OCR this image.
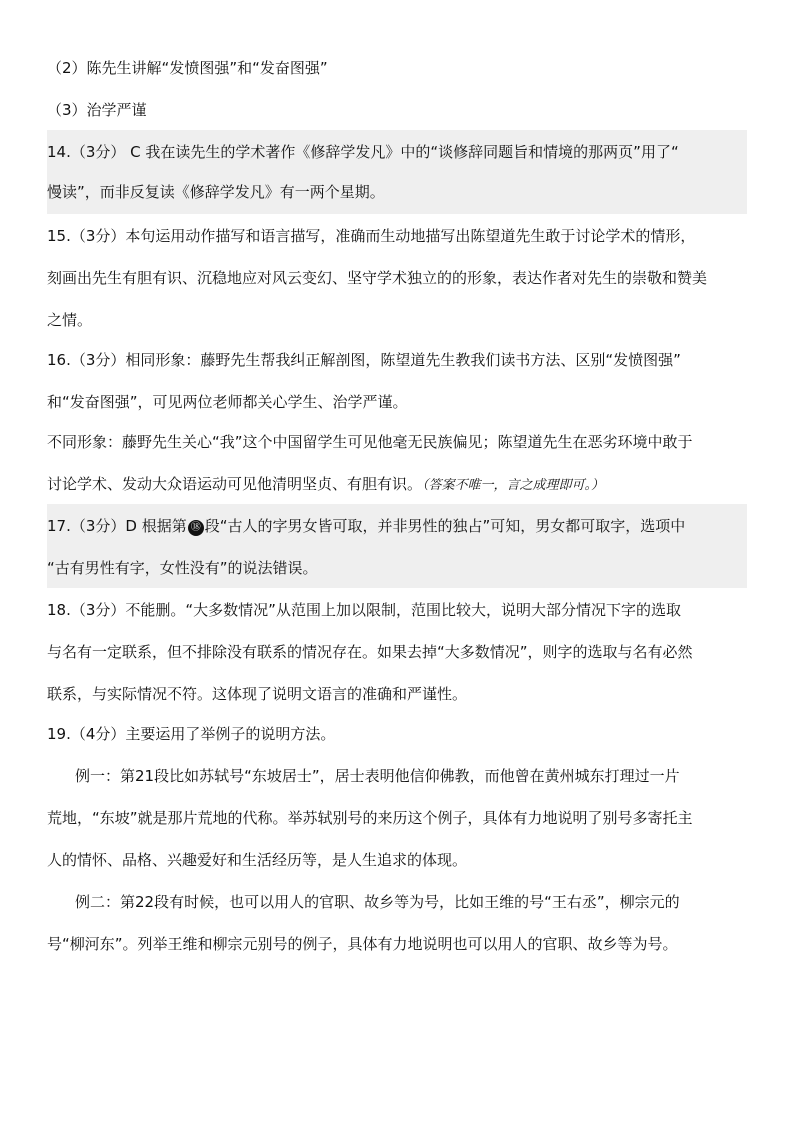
（2）陈先生讲解“发愤图强”和“发奋图强”
（3）治学严谨
14.（3分） C 我在读先生的学术著作《修辞学发凡》中的“谈修辞同题旨和情境的那两页”用了“
慢读”，而非反复读《修辞学发凡》有一两个星期。
15.（3分）本句运用动作描写和语言描写，准确而生动地描写出陈望道先生敢于讨论学术的情形，
刻画出先生有胆有识、沉稳地应对风云变幻、坚守学术独立的的形象，表达作者对先生的崇敬和赞美
之情。
16.（3分）相同形象：藤野先生帮我纠正解剖图，陈望道先生教我们读书方法、区别“发愤图强”
和“发奋图强”，可见两位老师都关心学生、治学严谨。
不同形象：藤野先生关心“我”这个中国留学生可见他毫无民族偏见；陈望道先生在恶劣环境中敢于
讨论学术、发动大众语运动可见他清明坚贞、有胆有识。（答案不唯一，言之成理即可。）
17.（3分）D 根据第 ⑱ 段“古人的字男女皆可取，并非男性的独占”可知，男女都可取字，选项中
“古有男性有字，女性没有”的说法错误。
18.（3分）不能删。“大多数情况”从范围上加以限制，范围比较大，说明大部分情况下字的选取
与名有一定联系，但不排除没有联系的情况存在。如果去掉“大多数情况”，则字的选取与名有必然
联系，与实际情况不符。这体现了说明文语言的准确和严谨性。
19.（4分）主要运用了举例子的说明方法。
例一：第21段比如苏轼号“东坡居士”，居士表明他信仰佛教，而他曾在黄州城东打理过一片
荒地，“东坡”就是那片荒地的代称。举苏轼别号的来历这个例子，具体有力地说明了别号多寄托主
人的情怀、品格、兴趣爱好和生活经历等，是人生追求的体现。
例二：第22段有时候，也可以用人的官职、故乡等为号，比如王维的号“王右丞”，柳宗元的
号“柳河东”。列举王维和柳宗元别号的例子，具体有力地说明也可以用人的官职、故乡等为号。
